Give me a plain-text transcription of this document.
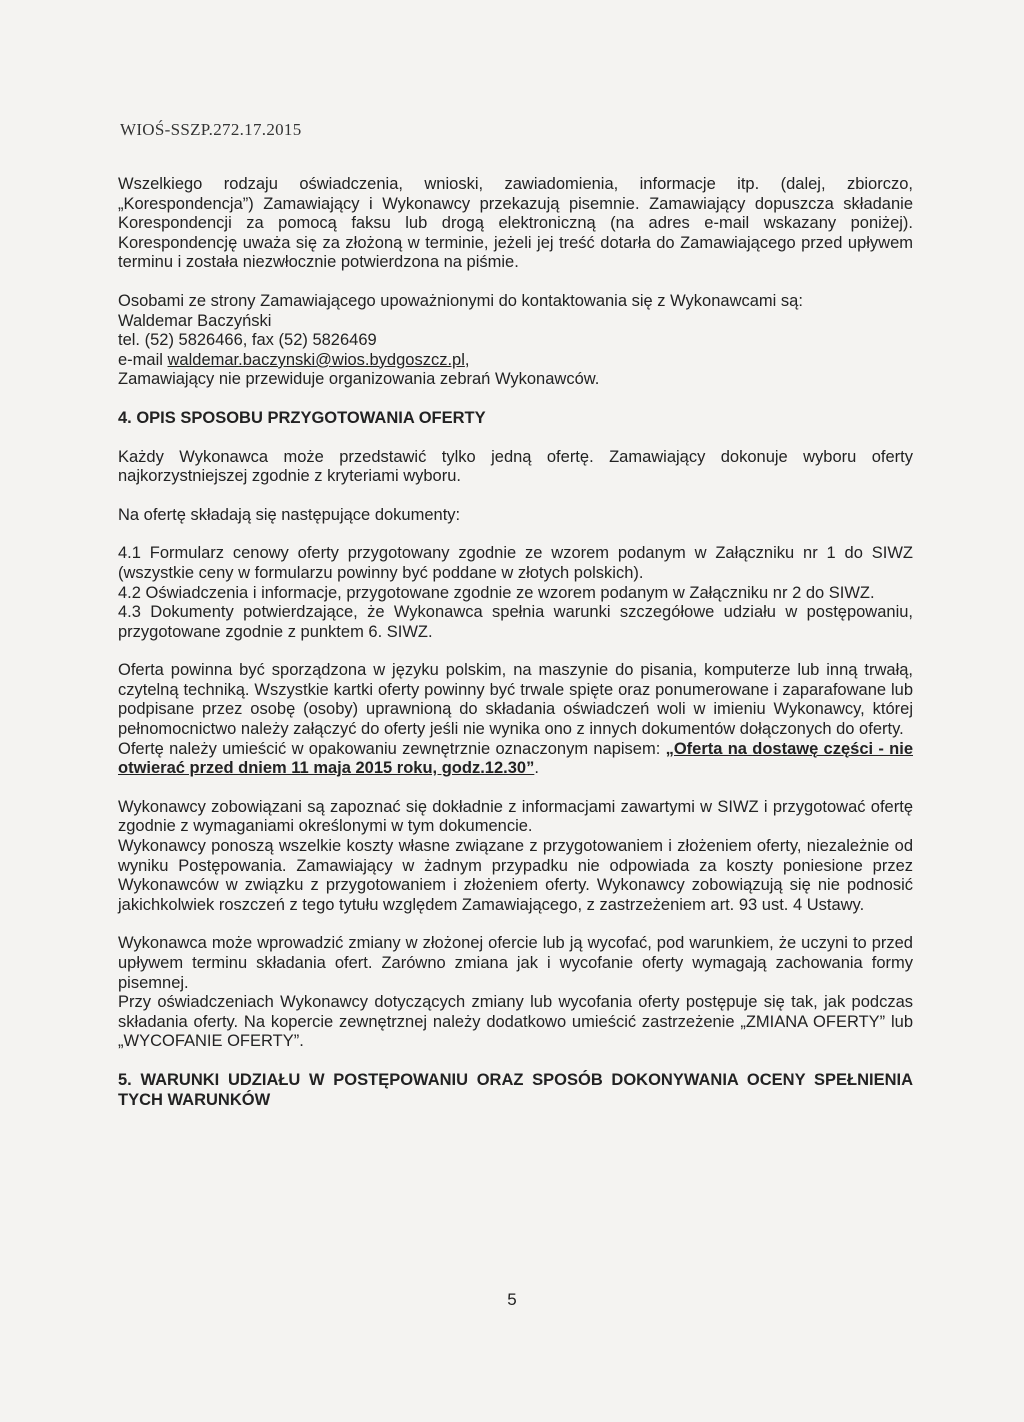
WIOŚ-SSZP.272.17.2015

Wszelkiego rodzaju oświadczenia, wnioski, zawiadomienia, informacje itp. (dalej, zbiorczo, „Korespondencja”) Zamawiający i Wykonawcy przekazują pisemnie. Zamawiający dopuszcza składanie Korespondencji za pomocą faksu lub drogą elektroniczną (na adres e-mail wskazany poniżej). Korespondencję uważa się za złożoną w terminie, jeżeli jej treść dotarła do Zamawiającego przed upływem terminu i została niezwłocznie potwierdzona na piśmie.

Osobami ze strony Zamawiającego upoważnionymi do kontaktowania się z Wykonawcami są:

Waldemar Baczyński

tel. (52) 5826466, fax (52) 5826469

e-mail waldemar.baczynski@wios.bydgoszcz.pl,

Zamawiający nie przewiduje organizowania zebrań Wykonawców.

4. OPIS SPOSOBU PRZYGOTOWANIA OFERTY

Każdy Wykonawca może przedstawić tylko jedną ofertę. Zamawiający dokonuje wyboru oferty najkorzystniejszej zgodnie z kryteriami wyboru.

Na ofertę składają się następujące dokumenty:

4.1 Formularz cenowy oferty przygotowany zgodnie ze wzorem podanym w Załączniku nr 1 do SIWZ (wszystkie ceny w formularzu powinny być poddane w złotych polskich).

4.2 Oświadczenia i informacje, przygotowane zgodnie ze wzorem podanym w Załączniku nr 2 do SIWZ.

4.3 Dokumenty potwierdzające, że Wykonawca spełnia warunki szczegółowe udziału w postępowaniu, przygotowane zgodnie z punktem 6. SIWZ.

Oferta powinna być sporządzona w języku polskim, na maszynie do pisania, komputerze lub inną trwałą, czytelną techniką. Wszystkie kartki oferty powinny być trwale spięte oraz ponumerowane i zaparafowane lub podpisane przez osobę (osoby) uprawnioną do składania oświadczeń woli w imieniu Wykonawcy, której pełnomocnictwo należy załączyć do oferty jeśli nie wynika ono z innych dokumentów dołączonych do oferty.

Ofertę należy umieścić w opakowaniu zewnętrznie oznaczonym napisem: „Oferta na dostawę części - nie otwierać przed dniem 11 maja 2015 roku, godz.12.30”.

Wykonawcy zobowiązani są zapoznać się dokładnie z informacjami zawartymi w SIWZ i przygotować ofertę zgodnie z wymaganiami określonymi w tym dokumencie.

Wykonawcy ponoszą wszelkie koszty własne związane z przygotowaniem i złożeniem oferty, niezależnie od wyniku Postępowania. Zamawiający w żadnym przypadku nie odpowiada za koszty poniesione przez Wykonawców w związku z przygotowaniem i złożeniem oferty. Wykonawcy zobowiązują się nie podnosić jakichkolwiek roszczeń z tego tytułu względem Zamawiającego, z zastrzeżeniem art. 93 ust. 4 Ustawy.

Wykonawca może wprowadzić zmiany w złożonej ofercie lub ją wycofać, pod warunkiem, że uczyni to przed upływem terminu składania ofert. Zarówno zmiana jak i wycofanie oferty wymagają zachowania formy pisemnej.

Przy oświadczeniach Wykonawcy dotyczących zmiany lub wycofania oferty postępuje się tak, jak podczas składania oferty. Na kopercie zewnętrznej należy dodatkowo umieścić zastrzeżenie „ZMIANA OFERTY” lub „WYCOFANIE OFERTY”.

5. WARUNKI UDZIAŁU W POSTĘPOWANIU ORAZ SPOSÓB DOKONYWANIA OCENY SPEŁNIENIA TYCH WARUNKÓW

5
